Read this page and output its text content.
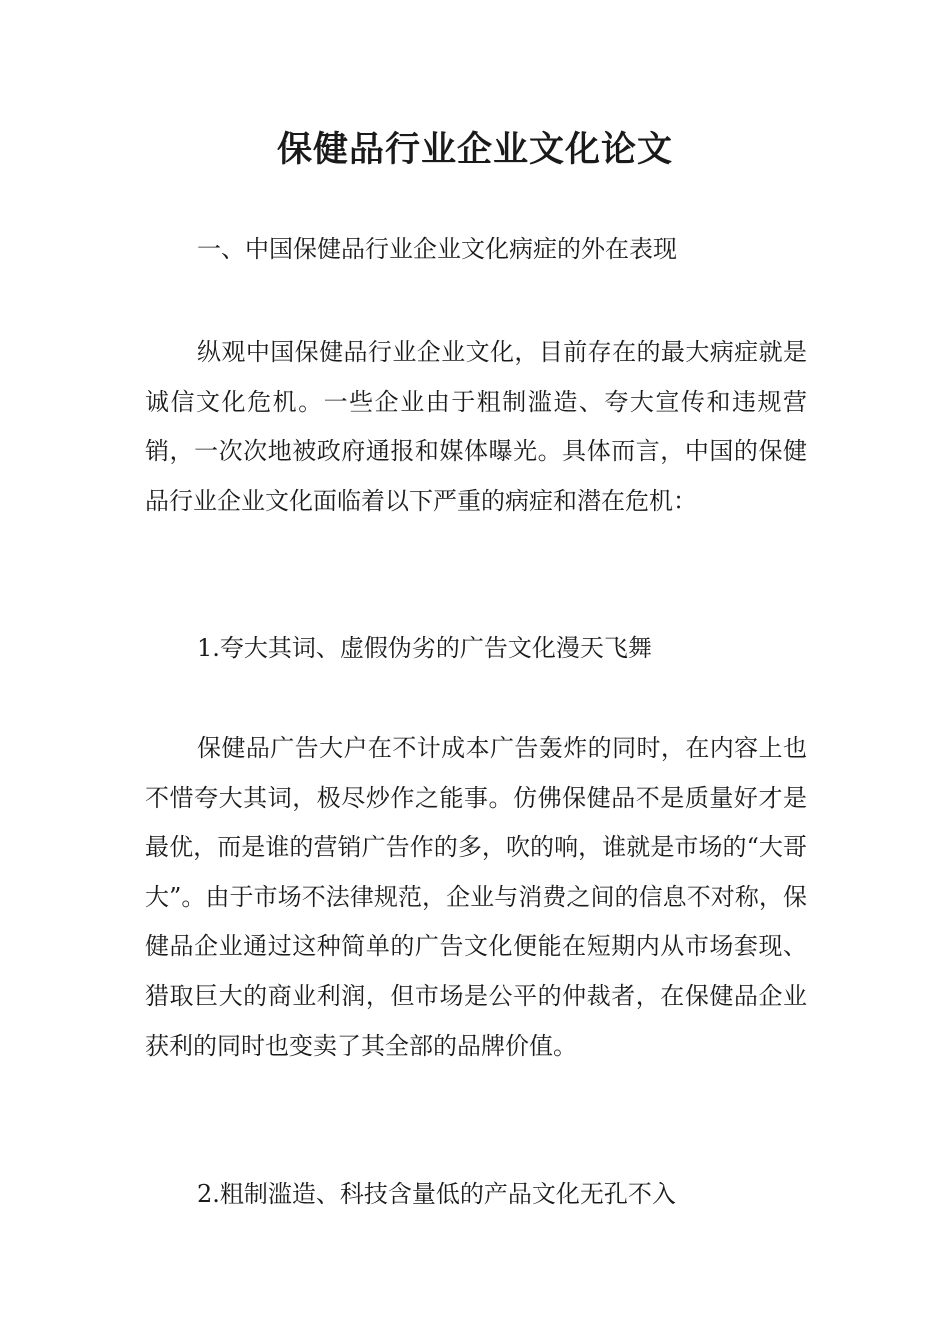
保健品行业企业文化论文

一、中国保健品行业企业文化病症的外在表现

纵观中国保健品行业企业文化，目前存在的最大病症就是诚信文化危机。一些企业由于粗制滥造、夸大宣传和违规营销，一次次地被政府通报和媒体曝光。具体而言，中国的保健品行业企业文化面临着以下严重的病症和潜在危机：

1.夸大其词、虚假伪劣的广告文化漫天飞舞

保健品广告大户在不计成本广告轰炸的同时，在内容上也不惜夸大其词，极尽炒作之能事。仿佛保健品不是质量好才是最优，而是谁的营销广告作的多，吹的响，谁就是市场的“大哥大”。由于市场不法律规范，企业与消费之间的信息不对称，保健品企业通过这种简单的广告文化便能在短期内从市场套现、猎取巨大的商业利润，但市场是公平的仲裁者，在保健品企业获利的同时也变卖了其全部的品牌价值。

2.粗制滥造、科技含量低的产品文化无孔不入
